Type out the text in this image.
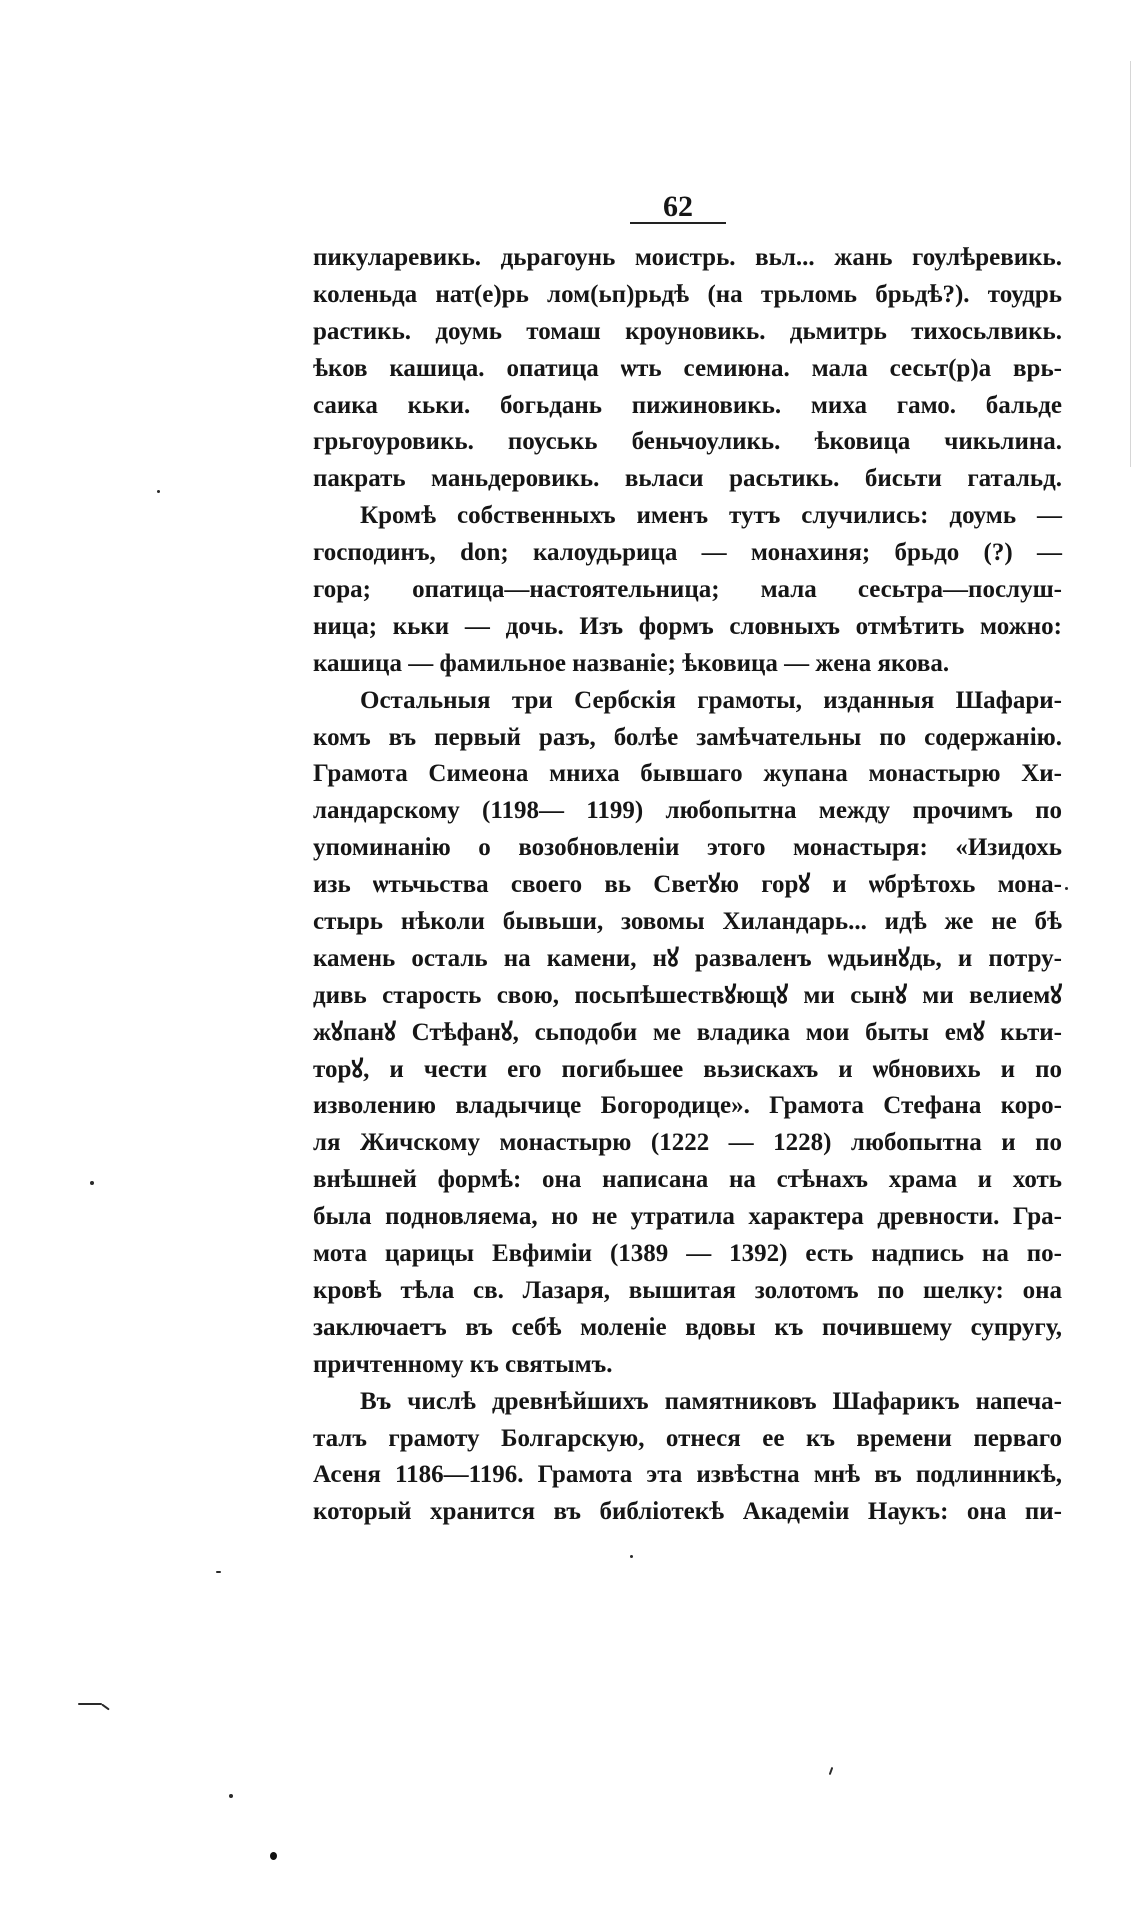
62
пикуларевикь. дьрагоунь моистрь. вьл... жань гоулѣревикь.
коленьда нат(е)рь лом(ьп)рьдѣ (на трьломь брьдѣ?). тоудрь
растикь. доумь томаш кроуновикь. дьмитрь тихосьлвикь.
ѣков кашица. опатица ѡть семиюна. мала сесьт(р)а врь-
саика кьки. богьдань пижиновикь. миха гамо. бальде
грьгоуровикь. поуськь беньчоуликь. ѣковица чикьлина.
пакрать маньдеровикь. вьласи расьтикь. бисьти гатальд.
Кромѣ собственныхъ именъ тутъ случились: доумь —
господинъ, don; калоудьрица — монахиня; брьдо (?) —
гора; опатица—настоятельница; мала сесьтра—послуш-
ница; кьки — дочь. Изъ формъ словныхъ отмѣтить можно:
кашица — фамильное названіе; ѣковица — жена якова.
Остальныя три Сербскія грамоты, изданныя Шафари-
комъ въ первый разъ, болѣе замѣчательны по содержанію.
Грамота Симеона мниха бывшаго жупана монастырю Хи-
ландарскому (1198— 1199) любопытна между прочимъ по
упоминанію о возобновленіи этого монастыря: «Изидохь
изь ѡтьчьства своего вь Светꙋю горꙋ и ѡбрѣтохь мона-
стырь нѣколи бывьши, зовомы Хиландарь... идѣ же не бѣ
камень осталь на камени, нꙋ разваленъ ѡдьинꙋдь, и потру-
дивь старость свою, посьпѣшествꙋющꙋ ми сынꙋ ми велиемꙋ
жꙋпанꙋ Стѣфанꙋ, сьподоби ме владика мои быты емꙋ кьти-
торꙋ, и чести его погибьшее вьзискахъ и ѡбновихь и по
изволению владычице Богородице». Грамота Стефана коро-
ля Жичскому монастырю (1222 — 1228) любопытна и по
внѣшней формѣ: она написана на стѣнахъ храма и хоть
была подновляема, но не утратила характера древности. Гра-
мота царицы Евфиміи (1389 — 1392) есть надпись на по-
кровѣ тѣла св. Лазаря, вышитая золотомъ по шелку: она
заключаетъ въ себѣ моленіе вдовы къ почившему супругу,
причтенному къ святымъ.
Въ числѣ древнѣйшихъ памятниковъ Шафарикъ напеча-
талъ грамоту Болгарскую, отнеся ее къ времени перваго
Асеня 1186—1196. Грамота эта извѣстна мнѣ въ подлинникѣ,
который хранится въ библіотекѣ Академіи Наукъ: она пи-
